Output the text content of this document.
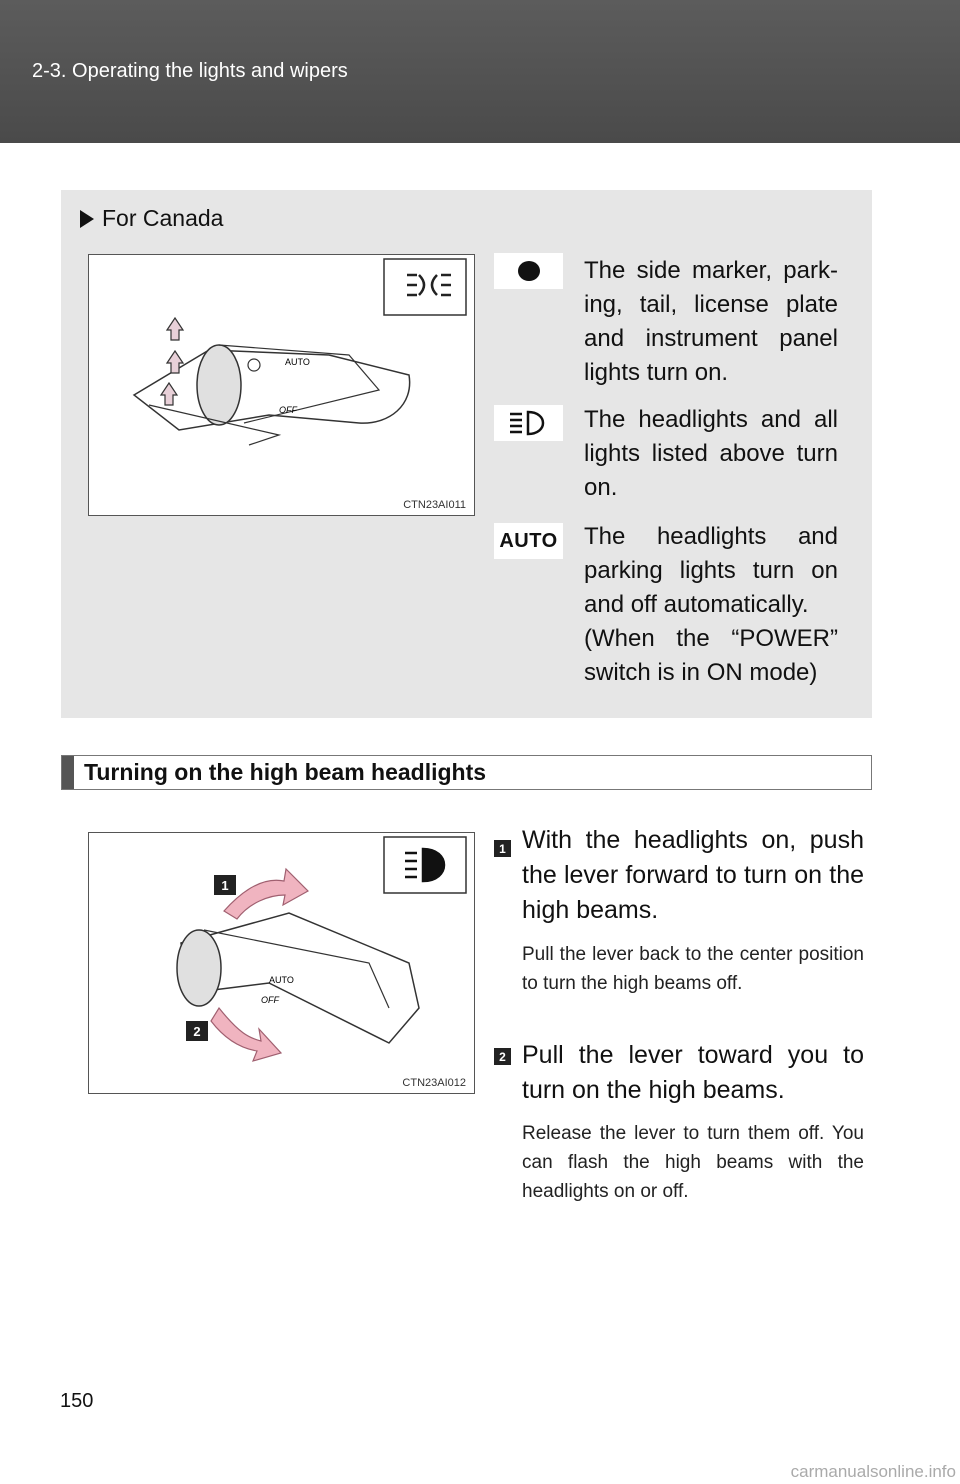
2-3. Operating the lights and wipers
For Canada
AUTO
OFF
CTN23AI011
The side marker, park-ing, tail, license plate and instrument panel lights turn on.
The headlights and all lights listed above turn on.
AUTO The headlights and parking lights turn on and off automatically.
(When the “POWER” switch is in ON mode)
Turning on the high beam headlights
AUTO
OFF
1
2
CTN23AI012
1 With the headlights on, push the lever forward to turn on the high beams.
Pull the lever back to the center position to turn the high beams off.
2 Pull the lever toward you to turn on the high beams.
Release the lever to turn them off. You can flash the high beams with the headlights on or off.
150
carmanualsonline.info
